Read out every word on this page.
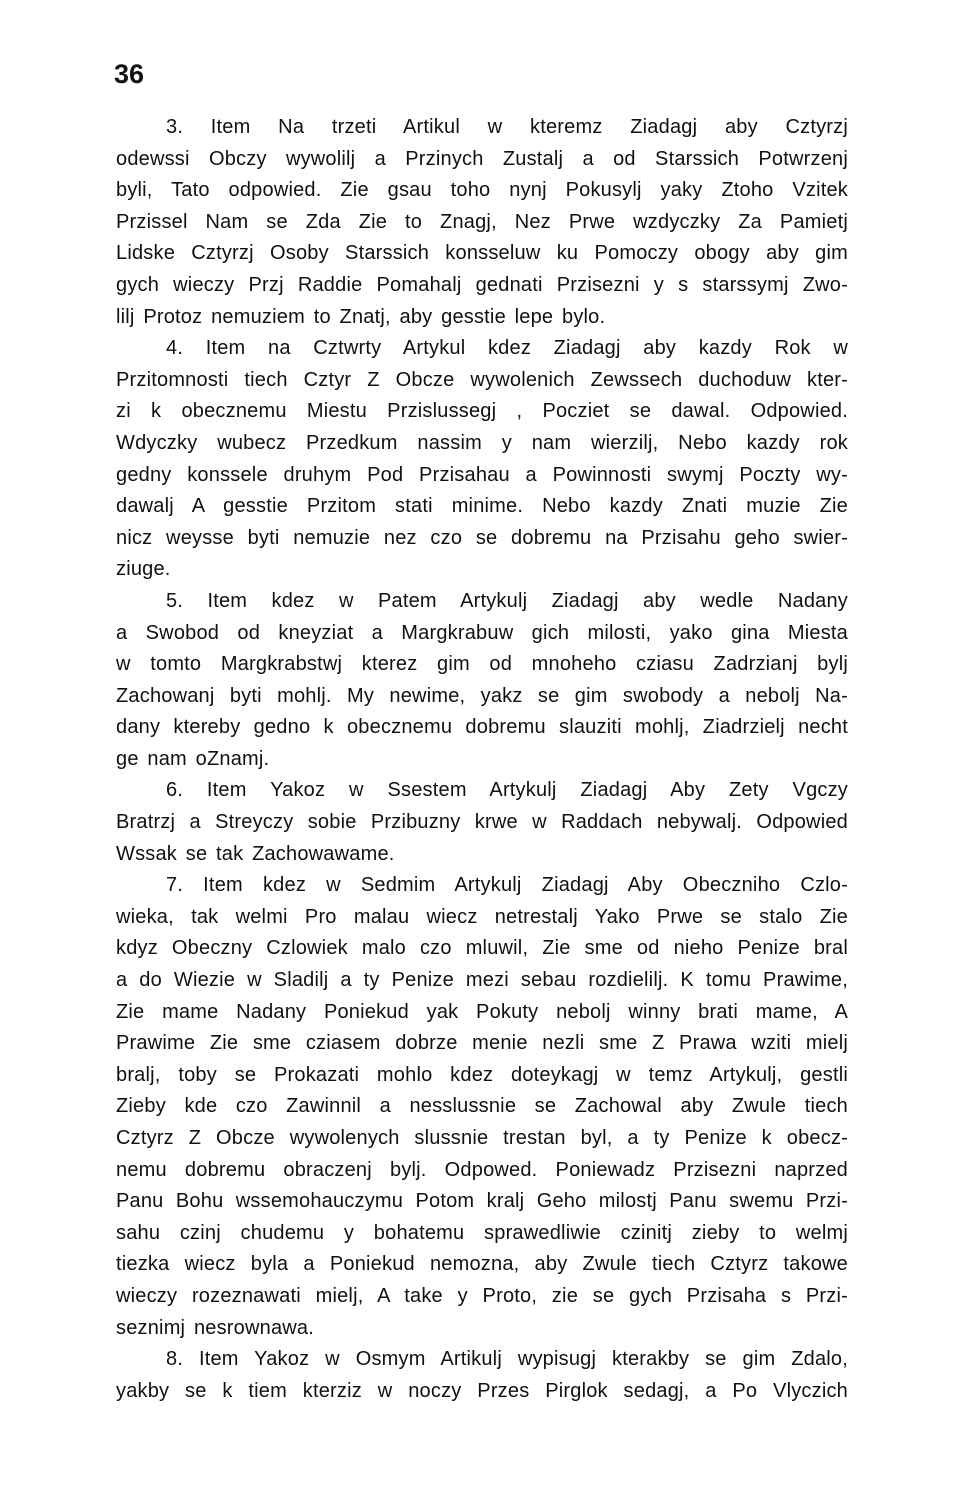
36
3. Item Na trzeti Artikul w kteremz Ziadagj aby Cztyrzj
odewssi Obczy wywolilj a Przinych Zustalj a od Starssich Potwrzenj
byli, Tato odpowied. Zie gsau toho nynj Pokusylj yaky Ztoho Vzitek
Przissel Nam se Zda Zie to Znagj, Nez Prwe wzdyczky Za Pamietj
Lidske Cztyrzj Osoby Starssich konsseluw ku Pomoczy obogy aby gim
gych wieczy Przj Raddie Pomahalj gednati Przisezni y s starssymj Zwo-
lilj Protoz nemuziem to Znatj, aby gesstie lepe bylo.
4. Item na Cztwrty Artykul kdez Ziadagj aby kazdy Rok w
Przitomnosti tiech Cztyr Z Obcze wywolenich Zewssech duchoduw kter-
zi k obecznemu Miestu Przislussegj , Pocziet se dawal. Odpowied.
Wdyczky wubecz Przedkum nassim y nam wierzilj, Nebo kazdy rok
gedny konssele druhym Pod Przisahau a Powinnosti swymj Poczty wy-
dawalj A gesstie Przitom stati minime. Nebo kazdy Znati muzie Zie
nicz weysse byti nemuzie nez czo se dobremu na Przisahu geho swier-
ziuge.
5. Item kdez w Patem Artykulj Ziadagj aby wedle Nadany
a Swobod od kneyziat a Margkrabuw gich milosti, yako gina Miesta
w tomto Margkrabstwj kterez gim od mnoheho cziasu Zadrzianj bylj
Zachowanj byti mohlj. My newime, yakz se gim swobody a nebolj Na-
dany ktereby gedno k obecznemu dobremu slauziti mohlj, Ziadrzielj necht
ge nam oZnamj.
6. Item Yakoz w Ssestem Artykulj Ziadagj Aby Zety Vgczy
Bratrzj a Streyczy sobie Przibuzny krwe w Raddach nebywalj. Odpowied
Wssak se tak Zachowawame.
7. Item kdez w Sedmim Artykulj Ziadagj Aby Obeczniho Czlo-
wieka, tak welmi Pro malau wiecz netrestalj Yako Prwe se stalo Zie
kdyz Obeczny Czlowiek malo czo mluwil, Zie sme od nieho Penize bral
a do Wiezie w Sladilj a ty Penize mezi sebau rozdielilj. K tomu Prawime,
Zie mame Nadany Poniekud yak Pokuty nebolj winny brati mame, A
Prawime Zie sme cziasem dobrze menie nezli sme Z Prawa wziti mielj
bralj, toby se Prokazati mohlo kdez doteykagj w temz Artykulj, gestli
Zieby kde czo Zawinnil a nesslussnie se Zachowal aby Zwule tiech
Cztyrz Z Obcze wywolenych slussnie trestan byl, a ty Penize k obecz-
nemu dobremu obraczenj bylj. Odpowed. Poniewadz Przisezni naprzed
Panu Bohu wssemohauczymu Potom kralj Geho milostj Panu swemu Przi-
sahu czinj chudemu y bohatemu sprawedliwie czinitj zieby to welmj
tiezka wiecz byla a Poniekud nemozna, aby Zwule tiech Cztyrz takowe
wieczy rozeznawati mielj, A take y Proto, zie se gych Przisaha s Przi-
seznimj nesrownawa.
8. Item Yakoz w Osmym Artikulj wypisugj kterakby se gim Zdalo,
yakby se k tiem kterziz w noczy Przes Pirglok sedagj, a Po Vlyczich
